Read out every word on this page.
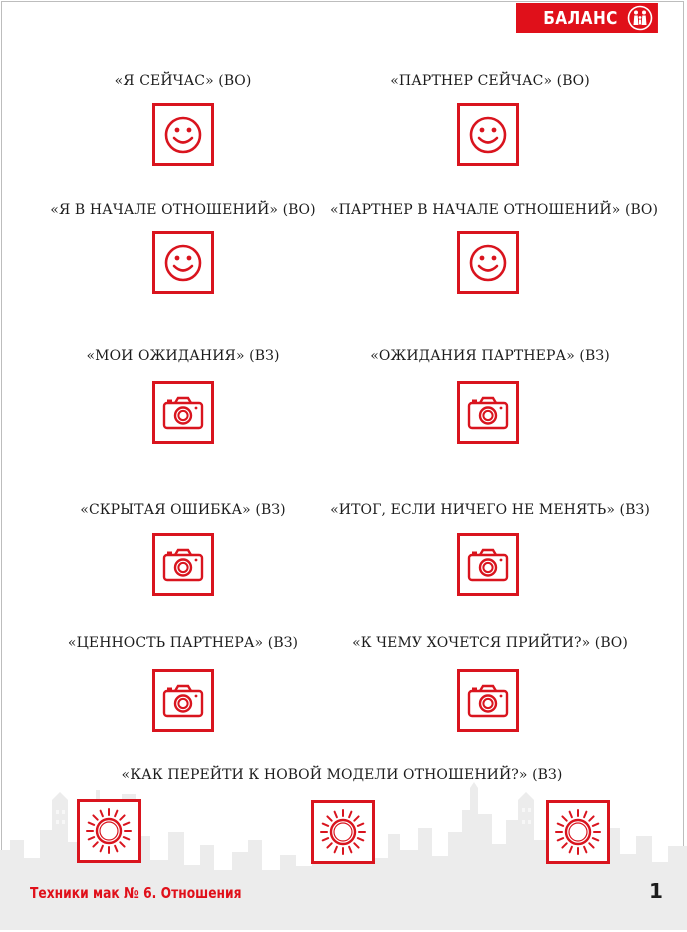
БАЛАНС
«Я СЕЙЧАС» (ВО)	«ПАРТНЕР СЕЙЧАС» (ВО)
«Я В НАЧАЛЕ ОТНОШЕНИЙ» (ВО) «ПАРТНЕР В НАЧАЛЕ ОТНОШЕНИЙ» (ВО)
«МОИ ОЖИДАНИЯ» (ВЗ)	«ОЖИДАНИЯ ПАРТНЕРА» (ВЗ)
«СКРЫТАЯ ОШИБКА» (ВЗ)	«ИТОГ, ЕСЛИ НИЧЕГО НЕ МЕНЯТЬ» (ВЗ)
«ЦЕННОСТЬ ПАРТНЕРА» (ВЗ)	«К ЧЕМУ ХОЧЕТСЯ ПРИЙТИ?» (ВО)
«КАК ПЕРЕЙТИ К НОВОЙ МОДЕЛИ ОТНОШЕНИЙ?» (ВЗ)
Техники мак № 6. Отношения	1
